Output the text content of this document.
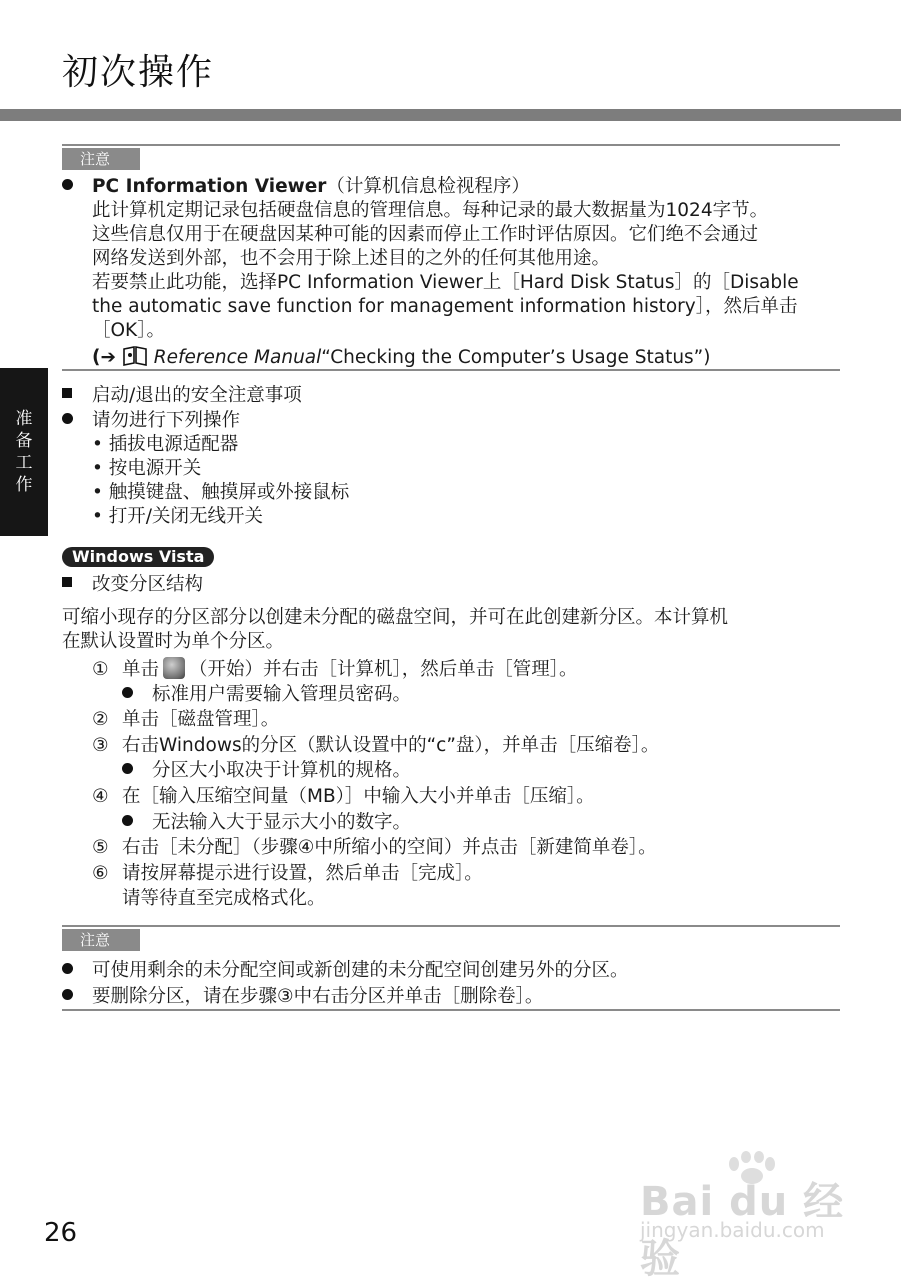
初次操作
准备工作
注意
PC Information Viewer（计算机信息检视程序）
此计算机定期记录包括硬盘信息的管理信息。每种记录的最大数据量为1024字节。
这些信息仅用于在硬盘因某种可能的因素而停止工作时评估原因。它们绝不会通过
网络发送到外部，也不会用于除上述目的之外的任何其他用途。
若要禁止此功能，选择PC Information Viewer上［Hard Disk Status］的［Disable
the automatic save function for management information history］，然后单击
［OK］。
(➔ Reference Manual“Checking the Computer’s Usage Status”)
启动/退出的安全注意事项
请勿进行下列操作
• 插拔电源适配器
• 按电源开关
• 触摸键盘、触摸屏或外接鼠标
• 打开/关闭无线开关
Windows Vista
改变分区结构
可缩小现存的分区部分以创建未分配的磁盘空间，并可在此创建新分区。本计算机
在默认设置时为单个分区。
① 单击 （开始）并右击［计算机］，然后单击［管理］。
标准用户需要输入管理员密码。
② 单击［磁盘管理］。
③ 右击Windows的分区（默认设置中的“c”盘），并单击［压缩卷］。
分区大小取决于计算机的规格。
④ 在［输入压缩空间量（MB）］中输入大小并单击［压缩］。
无法输入大于显示大小的数字。
⑤ 右击［未分配］（步骤④中所缩小的空间）并点击［新建简单卷］。
⑥ 请按屏幕提示进行设置，然后单击［完成］。
请等待直至完成格式化。
注意
可使用剩余的未分配空间或新创建的未分配空间创建另外的分区。
要删除分区，请在步骤③中右击分区并单击［删除卷］。
26
Bai du 经验
jingyan.baidu.com
